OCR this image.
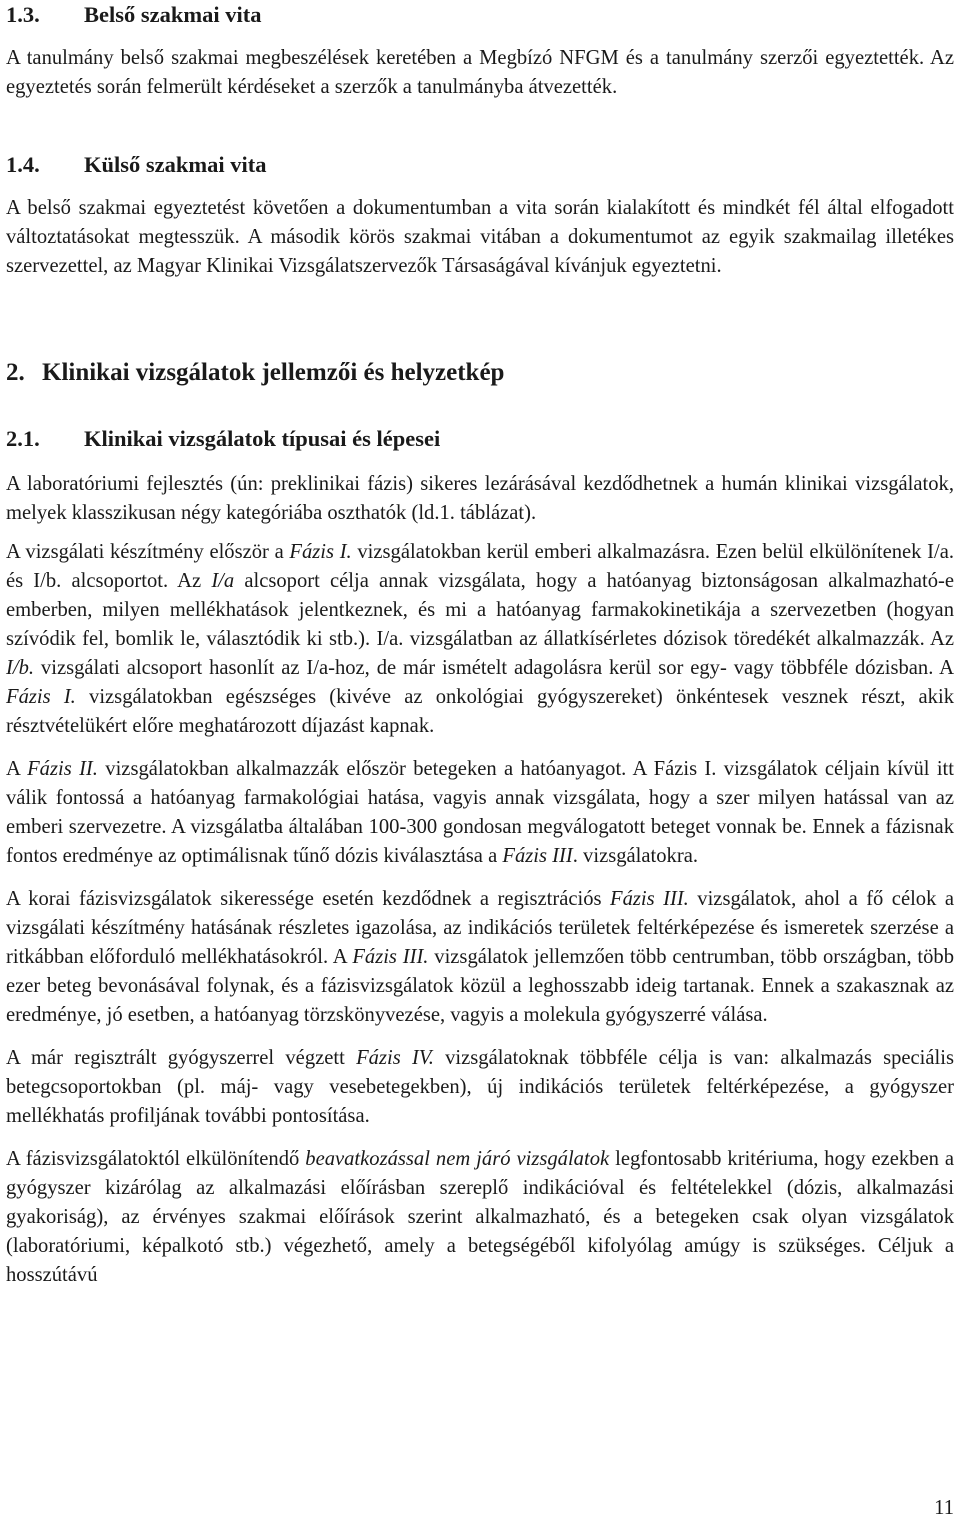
1.3.	Belső szakmai vita

A tanulmány belső szakmai megbeszélések keretében a Megbízó NFGM és a tanulmány szerzői egyeztették. Az egyeztetés során felmerült kérdéseket a szerzők a tanulmányba átvezették.

1.4.	Külső szakmai vita

A belső szakmai egyeztetést követően a dokumentumban a vita során kialakított és mindkét fél által elfogadott változtatásokat megtesszük. A második körös szakmai vitában a dokumentumot az egyik szakmailag illetékes szervezettel, az Magyar Klinikai Vizsgálatszervezők Társaságával kívánjuk egyeztetni.

2. Klinikai vizsgálatok jellemzői és helyzetkép
2.1.	Klinikai vizsgálatok típusai és lépesei

A laboratóriumi fejlesztés (ún: preklinikai fázis) sikeres lezárásával kezdődhetnek a humán klinikai vizsgálatok, melyek klasszikusan négy kategóriába oszthatók (ld.1. táblázat).

A vizsgálati készítmény először a Fázis I. vizsgálatokban kerül emberi alkalmazásra. Ezen belül elkülönítenek I/a. és I/b. alcsoportot. Az I/a alcsoport célja annak vizsgálata, hogy a hatóanyag biztonságosan alkalmazható-e emberben, milyen mellékhatások jelentkeznek, és mi a hatóanyag farmakokinetikája a szervezetben (hogyan szívódik fel, bomlik le, választódik ki stb.). I/a. vizsgálatban az állatkísérletes dózisok töredékét alkalmazzák. Az I/b. vizsgálati alcsoport hasonlít az I/a-hoz, de már ismételt adagolásra kerül sor egy- vagy többféle dózisban. A Fázis I. vizsgálatokban egészséges (kivéve az onkológiai gyógyszereket) önkéntesek vesznek részt, akik résztvételükért előre meghatározott díjazást kapnak.

A Fázis II. vizsgálatokban alkalmazzák először betegeken a hatóanyagot. A Fázis I. vizsgálatok céljain kívül itt válik fontossá a hatóanyag farmakológiai hatása, vagyis annak vizsgálata, hogy a szer milyen hatással van az emberi szervezetre. A vizsgálatba általában 100-300 gondosan megválogatott beteget vonnak be. Ennek a fázisnak fontos eredménye az optimálisnak tűnő dózis kiválasztása a Fázis III. vizsgálatokra.

A korai fázisvizsgálatok sikeressége esetén kezdődnek a regisztrációs Fázis III. vizsgálatok, ahol a fő célok a vizsgálati készítmény hatásának részletes igazolása, az indikációs területek feltérképezése és ismeretek szerzése a ritkábban előforduló mellékhatásokról. A Fázis III. vizsgálatok jellemzően több centrumban, több országban, több ezer beteg bevonásával folynak, és a fázisvizsgálatok közül a leghosszabb ideig tartanak. Ennek a szakasznak az eredménye, jó esetben, a hatóanyag törzskönyvezése, vagyis a molekula gyógyszerré válása.

A már regisztrált gyógyszerrel végzett Fázis IV. vizsgálatoknak többféle célja is van: alkalmazás speciális betegcsoportokban (pl. máj- vagy vesebetegekben), új indikációs területek feltérképezése, a gyógyszer mellékhatás profiljának további pontosítása.

A fázisvizsgálatoktól elkülönítendő beavatkozással nem járó vizsgálatok legfontosabb kritériuma, hogy ezekben a gyógyszer kizárólag az alkalmazási előírásban szereplő indikációval és feltételekkel (dózis, alkalmazási gyakoriság), az érvényes szakmai előírások szerint alkalmazható, és a betegeken csak olyan vizsgálatok (laboratóriumi, képalkotó stb.) végezhető, amely a betegségéből kifolyólag amúgy is szükséges. Céljuk a hosszútávú

11
